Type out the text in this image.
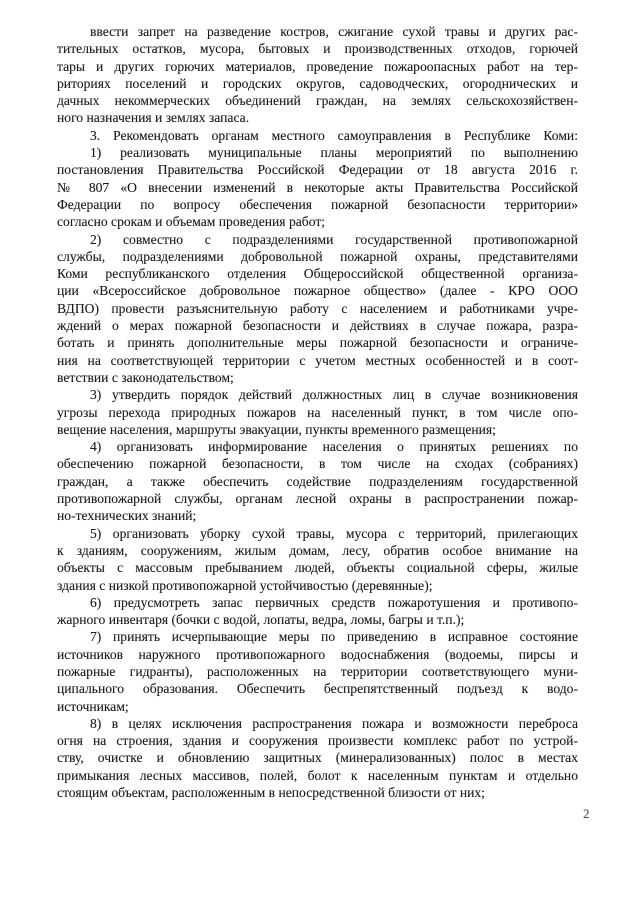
ввести запрет на разведение костров, сжигание сухой травы и других рас-
тительных остатков, мусора, бытовых и производственных отходов, горючей
тары и других горючих материалов, проведение пожароопасных работ на тер-
риториях поселений и городских округов, садоводческих, огороднических и
дачных некоммерческих объединений граждан, на землях сельскохозяйствен-
ного назначения и землях запаса.
3. Рекомендовать органам местного самоуправления в Республике Коми:
1) реализовать муниципальные планы мероприятий по выполнению
постановления Правительства Российской Федерации от 18 августа 2016 г.
№ 807 «О внесении изменений в некоторые акты Правительства Российской
Федерации по вопросу обеспечения пожарной безопасности территории»
согласно срокам и объемам проведения работ;
2) совместно с подразделениями государственной противопожарной
службы, подразделениями добровольной пожарной охраны, представителями
Коми республиканского отделения Общероссийской общественной организа-
ции «Всероссийское добровольное пожарное общество» (далее - КРО ООО
ВДПО) провести разъяснительную работу с населением и работниками учре-
ждений о мерах пожарной безопасности и действиях в случае пожара, разра-
ботать и принять дополнительные меры пожарной безопасности и ограниче-
ния на соответствующей территории с учетом местных особенностей и в соот-
ветствии с законодательством;
3) утвердить порядок действий должностных лиц в случае возникновения
угрозы перехода природных пожаров на населенный пункт, в том числе опо-
вещение населения, маршруты эвакуации, пункты временного размещения;
4) организовать информирование населения о принятых решениях по
обеспечению пожарной безопасности, в том числе на сходах (собраниях)
граждан, а также обеспечить содействие подразделениям государственной
противопожарной службы, органам лесной охраны в распространении пожар-
но-технических знаний;
5) организовать уборку сухой травы, мусора с территорий, прилегающих
к зданиям, сооружениям, жилым домам, лесу, обратив особое внимание на
объекты с массовым пребыванием людей, объекты социальной сферы, жилые
здания с низкой противопожарной устойчивостью (деревянные);
6) предусмотреть запас первичных средств пожаротушения и противопо-
жарного инвентаря (бочки с водой, лопаты, ведра, ломы, багры и т.п.);
7) принять исчерпывающие меры по приведению в исправное состояние
источников наружного противопожарного водоснабжения (водоемы, пирсы и
пожарные гидранты), расположенных на территории соответствующего муни-
ципального образования. Обеспечить беспрепятственный подъезд к водо-
источникам;
8) в целях исключения распространения пожара и возможности переброса
огня на строения, здания и сооружения произвести комплекс работ по устрой-
ству, очистке и обновлению защитных (минерализованных) полос в местах
примыкания лесных массивов, полей, болот к населенным пунктам и отдельно
стоящим объектам, расположенным в непосредственной близости от них;
2
